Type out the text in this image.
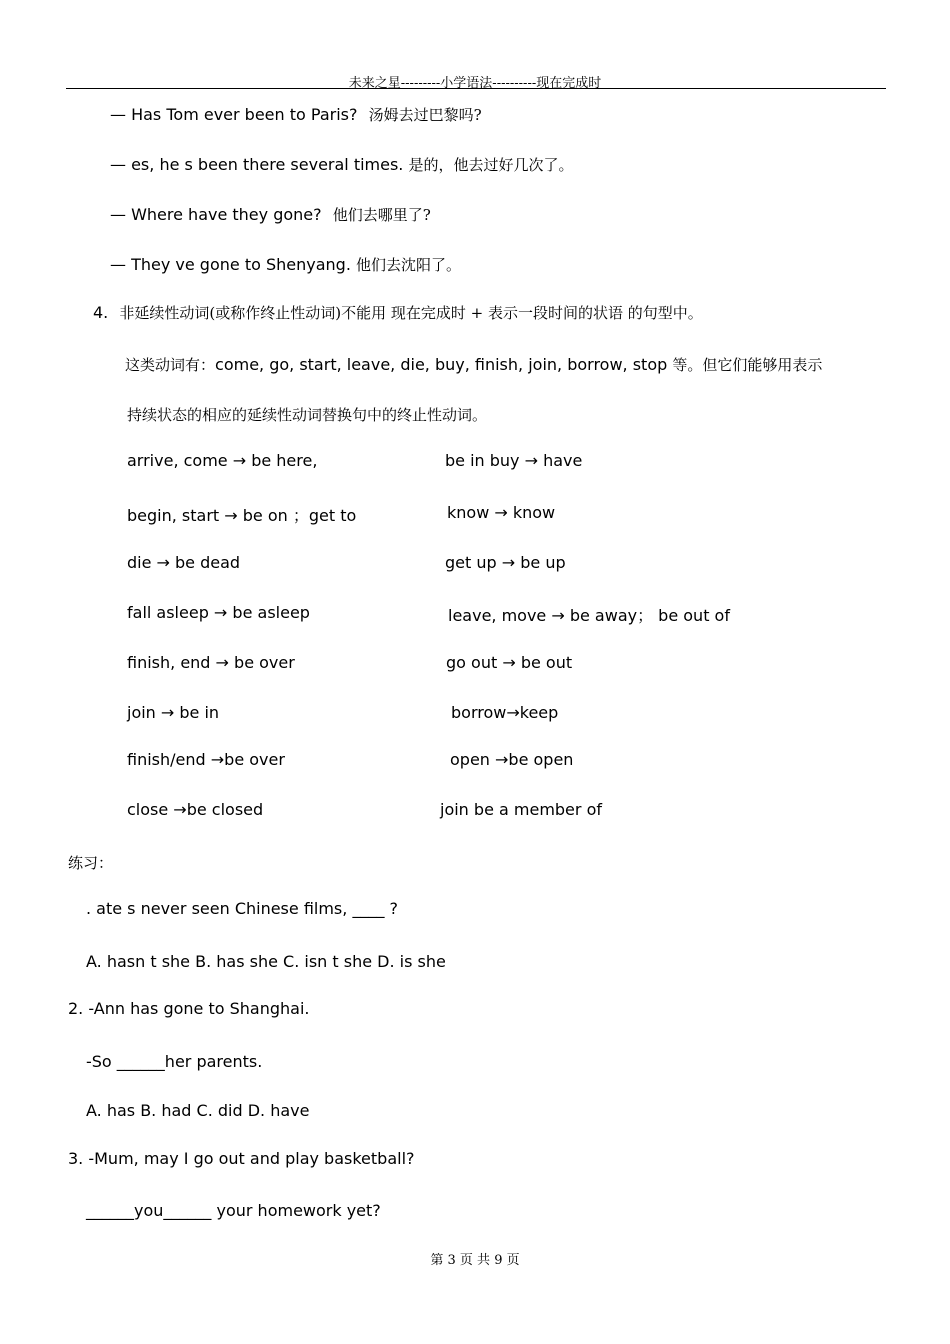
未来之星---------小学语法----------现在完成时
— Has Tom ever been to Paris? 汤姆去过巴黎吗?
— es, he s been there several times. 是的，他去过好几次了。
— Where have they gone? 他们去哪里了?
— They ve gone to Shenyang. 他们去沈阳了。
4. 非延续性动词(或称作终止性动词)不能用 现在完成时 + 表示一段时间的状语 的句型中。
这类动词有：come, go, start, leave, die, buy, finish, join, borrow, stop 等。但它们能够用表示
持续状态的相应的延续性动词替换句中的终止性动词。
arrive, come → be here,	be in buy → have
begin, start → be on ；get to	know → know
die → be dead	get up → be up
fall asleep → be asleep	leave, move → be away； be out of
finish, end → be over	go out → be out
join → be in	borrow→keep
finish/end →be over	open →be open
close →be closed	join be a member of
练习：
. ate s never seen Chinese films, ____ ?
A. hasn t she B. has she C. isn t she D. is she
2. -Ann has gone to Shanghai.
-So ______her parents.
A. has B. had C. did D. have
3. -Mum, may I go out and play basketball?
______you______ your homework yet?
第 3 页 共 9 页
